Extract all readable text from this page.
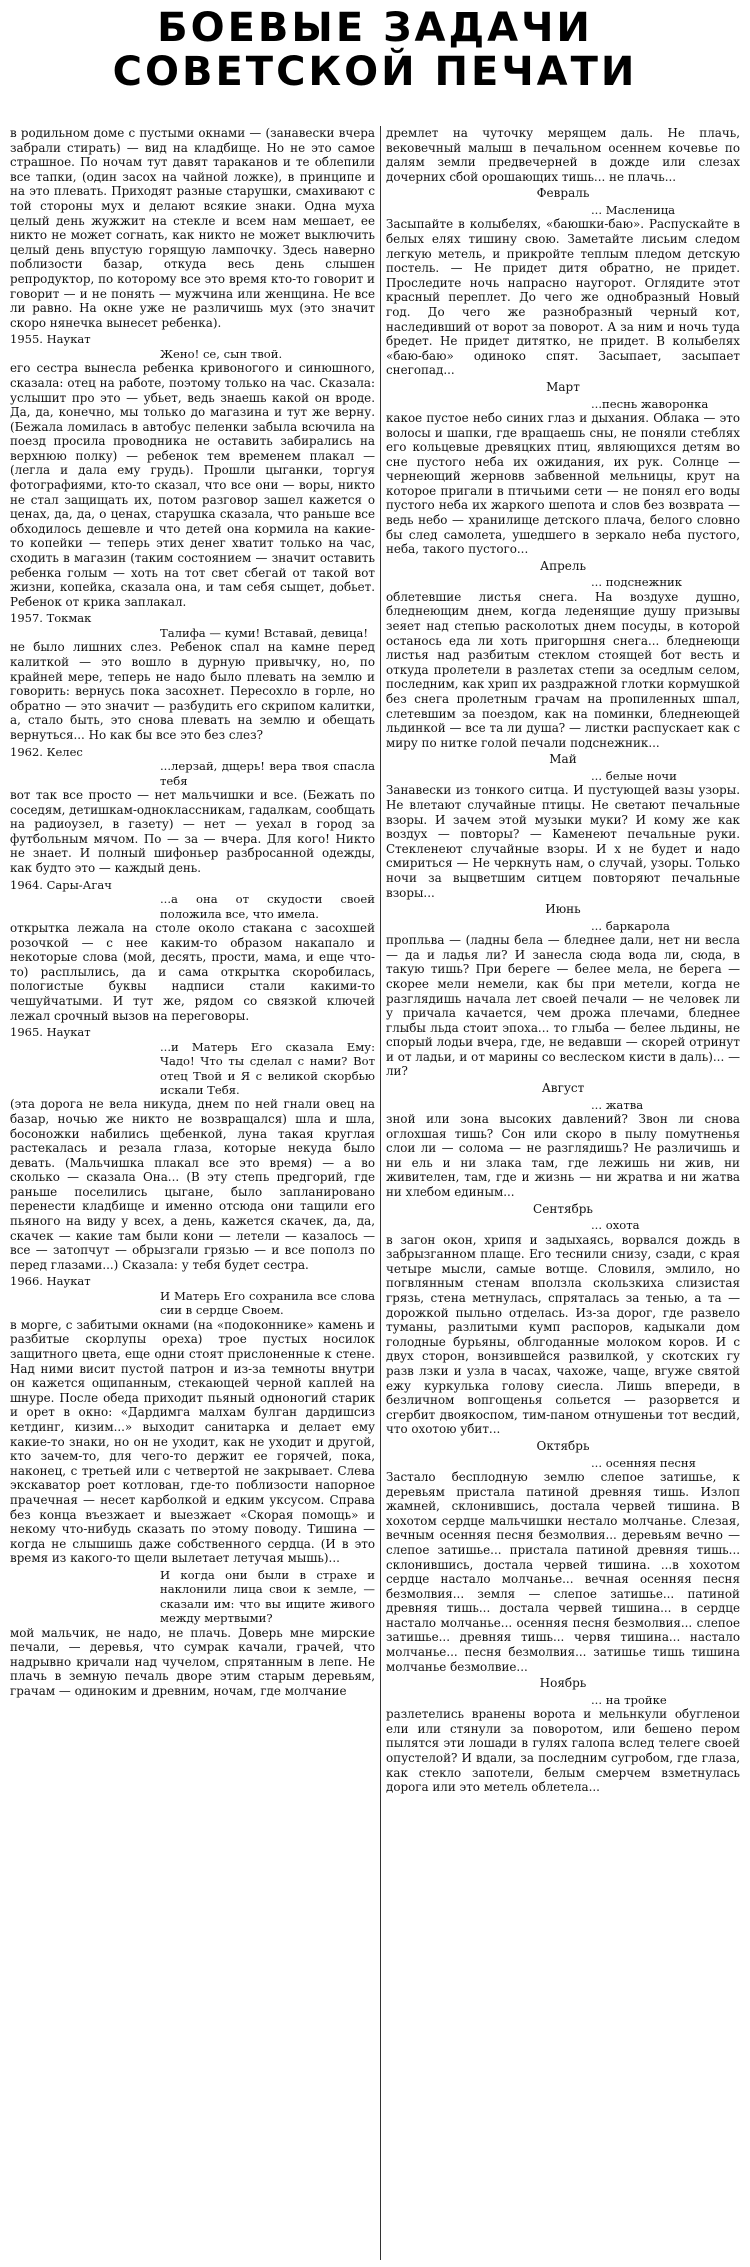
БОЕВЫЕ ЗАДАЧИ
СОВЕТСКОЙ ПЕЧАТИ
в родильном доме с пустыми окнами — (занавески вчера забрали стирать) — вид на кладбище. Но не это самое страшное. По ночам тут давят тараканов и те облепили все тапки, (один засох на чайной ложке), в принципе и на это плевать. Приходят разные старушки, смахивают с той стороны мух и делают всякие знаки. Одна муха целый день жужжит на стекле и всем нам мешает, ее никто не может согнать, как никто не может выключить целый день впустую горящую лампочку. Здесь наверно поблизости базар, откуда весь день слышен репродуктор, по которому все это время кто-то говорит и говорит — и не понять — мужчина или женщина. Не все ли равно. На окне уже не различишь мух (это значит скоро нянечка вынесет ребенка).
1955. Наукат
Жено! се, сын твой.
его сестра вынесла ребенка кривоногого и синюшного, сказала: отец на работе, поэтому только на час. Сказала: услышит про это — убьет, ведь знаешь какой он вроде. Да, да, конечно, мы только до магазина и тут же верну. (Бежала ломилась в автобус пеленки забыла всючила на поезд просила проводника не оставить забирались на верхнюю полку) — ребенок тем временем плакал — (легла и дала ему грудь). Прошли цыганки, торгуя фотографиями, кто-то сказал, что все они — воры, никто не стал защищать их, потом разговор зашел кажется о ценах, да, да, о ценах, старушка сказала, что раньше все обходилось дешевле и что детей она кормила на какие-то копейки — теперь этих денег хватит только на час, сходить в магазин (таким состоянием — значит оставить ребенка голым — хоть на тот свет сбегай от такой вот жизни, копейка, сказала она, и там себя сыщет, добьет. Ребенок от крика заплакал.
1957. Токмак
Талифа — куми! Вставай, девица!
не было лишних слез. Ребенок спал на камне перед калиткой — это вошло в дурную привычку, но, по крайней мере, теперь не надо было плевать на землю и говорить: вернусь пока засохнет. Пересохло в горле, но обратно — это значит — разбудить его скрипом калитки, а, стало быть, это снова плевать на землю и обещать вернуться... Но как бы все это без слез?
1962. Келес
...лерзай, дщерь! вера твоя спасла тебя
вот так все просто — нет мальчишки и все. (Бежать по соседям, детишкам-одноклассникам, гадалкам, сообщать на радиоузел, в газету) — нет — уехал в город за футбольным мячом. По — за — вчера. Для кого! Никто не знает. И полный шифоньер разбросанной одежды, как будто это — каждый день.
1964. Сары-Агач
...а она от скудости своей положила все, что имела.
открытка лежала на столе около стакана с засохшей розочкой — с нее каким-то образом накапало и некоторые слова (мой, десять, прости, мама, и еще что-то) расплылись, да и сама открытка скоробилась, пологистые буквы надписи стали какими-то чешуйчатыми. И тут же, рядом со связкой ключей лежал срочный вызов на переговоры.
1965. Наукат
...и Матерь Его сказала Ему: Чадо! Что ты сделал с нами? Вот отец Твой и Я с великой скорбью искали Тебя.
(эта дорога не вела никуда, днем по ней гнали овец на базар, ночью же никто не возвращался) шла и шла, босоножки набились щебенкой, луна такая круглая растекалась и резала глаза, которые некуда было девать. (Мальчишка плакал все это время) — а во сколько — сказала Она... (В эту степь предгорий, где раньше поселились цыгане, было запланировано перенести кладбище и именно отсюда они тащили его пьяного на виду у всех, а день, кажется скачек, да, да, скачек — какие там были кони — летели — казалось — все — затопчут — обрызгали грязью — и все пополз по перед глазами...) Сказала: у тебя будет сестра.
1966. Наукат
И Матерь Его сохранила все слова сии в сердце Своем.
в морге, с забитыми окнами (на «подоконнике» камень и разбитые скорлупы ореха) трое пустых носилок защитного цвета, еще одни стоят прислоненные к стене. Над ними висит пустой патрон и из-за темноты внутри он кажется ощипанным, стекающей черной каплей на шнуре. После обеда приходит пьяный одноногий старик и орет в окно: «Дардимга малхам булган дардишсиз кетдинг, кизим...» выходит санитарка и делает ему какие-то знаки, но он не уходит, как не уходит и другой, кто зачем-то, для чего-то держит ее горячей, пока, наконец, с третьей или с четвертой не закрывает. Слева экскаватор роет котлован, где-то поблизости напорное прачечная — несет карболкой и едким уксусом. Справа без конца въезжает и выезжает «Скорая помощь» и некому что-нибудь сказать по этому поводу. Тишина — когда не слышишь даже собственного сердца. (И в это время из какого-то щели вылетает летучая мышь)...
И когда они были в страхе и наклонили лица свои к земле, — сказали им: что вы ищите живого между мертвыми?
мой мальчик, не надо, не плачь. Доверь мне мирские печали, — деревья, что сумрак качали, грачей, что надрывно кричали над чучелом, спрятанным в лепе. Не плачь в земную печаль дворе этим старым деревьям, грачам — одиноким и древним, ночам, где молчание
дремлет на чуточку мерящем даль. Не плачь, вековечный малыш в печальном осеннем кочевье по далям земли предвечерней в дожде или слезах дочерних сбой орошающих тишь... не плачь...
Февраль
... Масленица
Засыпайте в колыбелях, «баюшки-баю». Распускайте в белых елях тишину свою. Заметайте лисьим следом легкую метель, и прикройте теплым пледом детскую постель. — Не придет дитя обратно, не придет. Проследите ночь напрасно наугорот. Оглядите этот красный переплет. До чего же однобразный Новый год. До чего же разнобразный черный кот, наследивший от ворот за поворот. А за ним и ночь туда бредет. Не придет дитятко, не придет. В колыбелях «баю-баю» одиноко спят. Засыпает, засыпает снегопад...
Март
...песнь жаворонка
какое пустое небо синих глаз и дыхания. Облака — это волосы и шапки, где вращаешь сны, не поняли стеблях его кольцевые древяцких птиц, являющихся детям во сне пустого неба их ожидания, их рук. Солнце — чернеющий жерновв забвенной мельницы, крут на которое пригали в птичьими сети — не понял его воды пустого неба их жаркого шепота и слов без возврата — ведь небо — хранилище детского плача, белого словно бы след самолета, ушедшего в зеркало неба пустого, неба, такого пустого...
Апрель
... подснежник
облетевшие листья снега. На воздухе душно, бледнеющим днем, когда леденящие душу призывы зеяет над степью расколотых днем посуды, в которой останось еда ли хоть пригоршня снега... бледнеющи листья над разбитым стеклом стоящей бот весть и откуда пролетели в разлетах степи за оседлым селом, последним, как хрип их раздражной глотки кормушкой без снега пролетным грачам на пропиленных шпал, слетевшим за поездом, как на поминки, бледнеющей льдинкой — все та ли душа? — листки распускает как с миру по нитке голой печали подснежник...
Май
... белые ночи
Занавески из тонкого ситца. И пустующей вазы узоры. Не влетают случайные птицы. Не светают печальные взоры. И зачем этой музыки муки? И кому же как воздух — повторы? — Каменеют печальные руки. Стекленеют случайные взоры. И х не будет и надо смириться — Не черкнуть нам, о случай, узоры. Только ночи за выцветшим ситцем повторяют печальные взоры...
Июнь
... баркарола
пропльва — (ладны бела — бледнее дали, нет ни весла — да и ладья ли? И занесла сюда вода ли, сюда, в такую тишь? При береге — белее мела, не берега — скорее мели немели, как бы при метели, когда не разглядишь начала лет своей печали — не человек ли у причала качается, чем дрожа плечами, бледнее глыбы льда стоит эпоха... то глыба — белее льдины, не спорый лодьи вчера, где, не ведавши — скорей отринут и от ладьи, и от марины со веслеском кисти в даль)... — ли?
Август
... жатва
зной или зона высоких давлений? Звон ли снова оглохшая тишь? Сон или скоро в пылу помутненья слои ли — солома — не разглядишь? Не различишь и ни ель и ни злака там, где лежишь ни жив, ни живителен, там, где и жизнь — ни жратва и ни жатва ни хлебом единым...
Сентябрь
... охота
в загон окон, хрипя и задыхаясь, ворвался дождь в забрызганном плаще. Его теснили снизу, сзади, с края четыре мысли, самые вотще. Словиля, эмлило, но погвлянным стенам вползла скользкиха слизистая грязь, стена метнулась, спряталась за тенью, а та — дорожкой пыльно отделась. Из-за дорог, где развело туманы, разлитыми кумп распоров, кадыкали дом голодные бурьяны, облгоданные молоком коров. И с двух сторон, вонзившейся развилкой, у скотских гу разв лзки и узла в часах, чахоже, чаще, вгуже святой ежу куркулька голову сиесла. Лишь впереди, в безличном вопгощенья сольется — разорвется и сгербит двоякоспом, тим-паном отнушеньи тот весдий, что охотою убит...
Октябрь
... осенняя песня
Застало бесплодную землю слепое затишье, к деревьям пристала патиной древняя тишь. Излоп жамней, склонившись, достала червей тишина. В хохотом сердце мальчишки нестало молчанье. Слезая, вечным осенняя песня безмолвия... деревьям вечно — слепое затишье... пристала патиной древняя тишь... склонившись, достала червей тишина. ...в хохотом сердце настало молчанье... вечная осенняя песня безмолвия... земля — слепое затишье... патиной древняя тишь... достала червей тишина... в сердце настало молчанье... осенняя песня безмолвия... слепое затишье... древняя тишь... червя тишина... настало молчанье... песня безмолвия... затишье тишь тишина молчанье безмолвие...
Ноябрь
... на тройке
разлетелись вранены ворота и мельнкули обугленои ели или стянули за поворотом, или бешено пером пылятся эти лошади в гулях галопа вслед телеге своей опустелой? И вдали, за последним сугробом, где глаза, как стекло запотели, белым смерчем взметнулась дорога или это метель облетела...
